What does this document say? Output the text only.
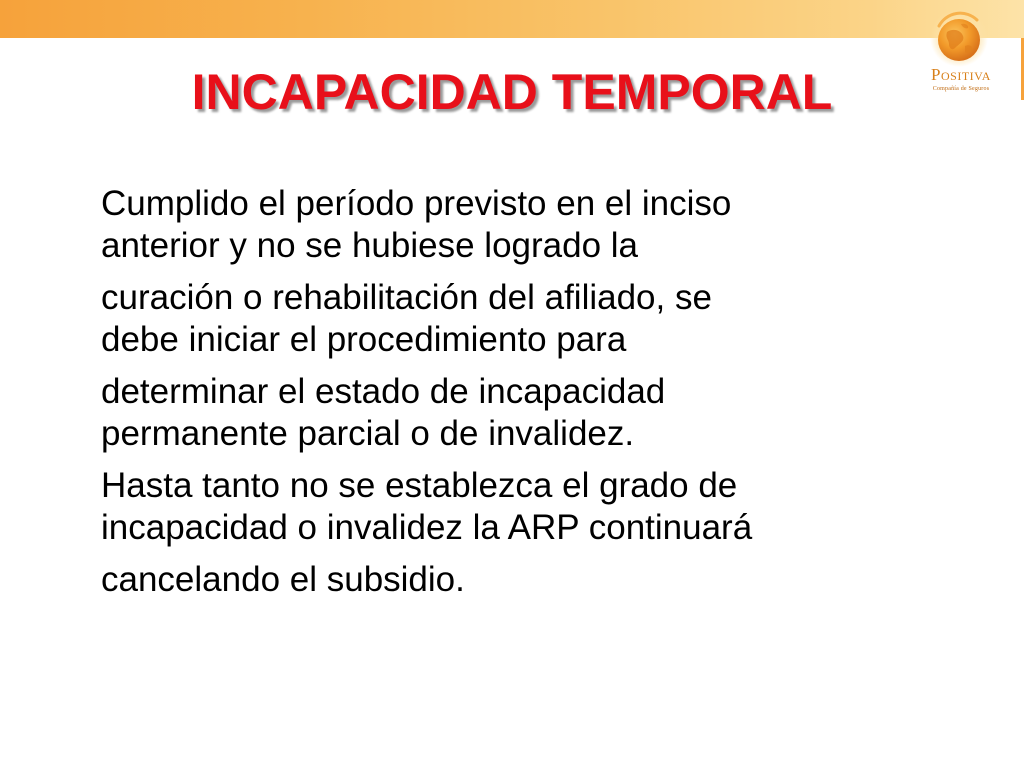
Positiva
Compañía de Seguros
INCAPACIDAD TEMPORAL

Cumplido el período previsto en el inciso
anterior y no se hubiese logrado la

curación o rehabilitación del afiliado, se
debe iniciar el procedimiento para

determinar el estado de incapacidad
permanente parcial o de invalidez.

Hasta tanto no se establezca el grado de
incapacidad o invalidez la ARP continuará

cancelando el subsidio.
